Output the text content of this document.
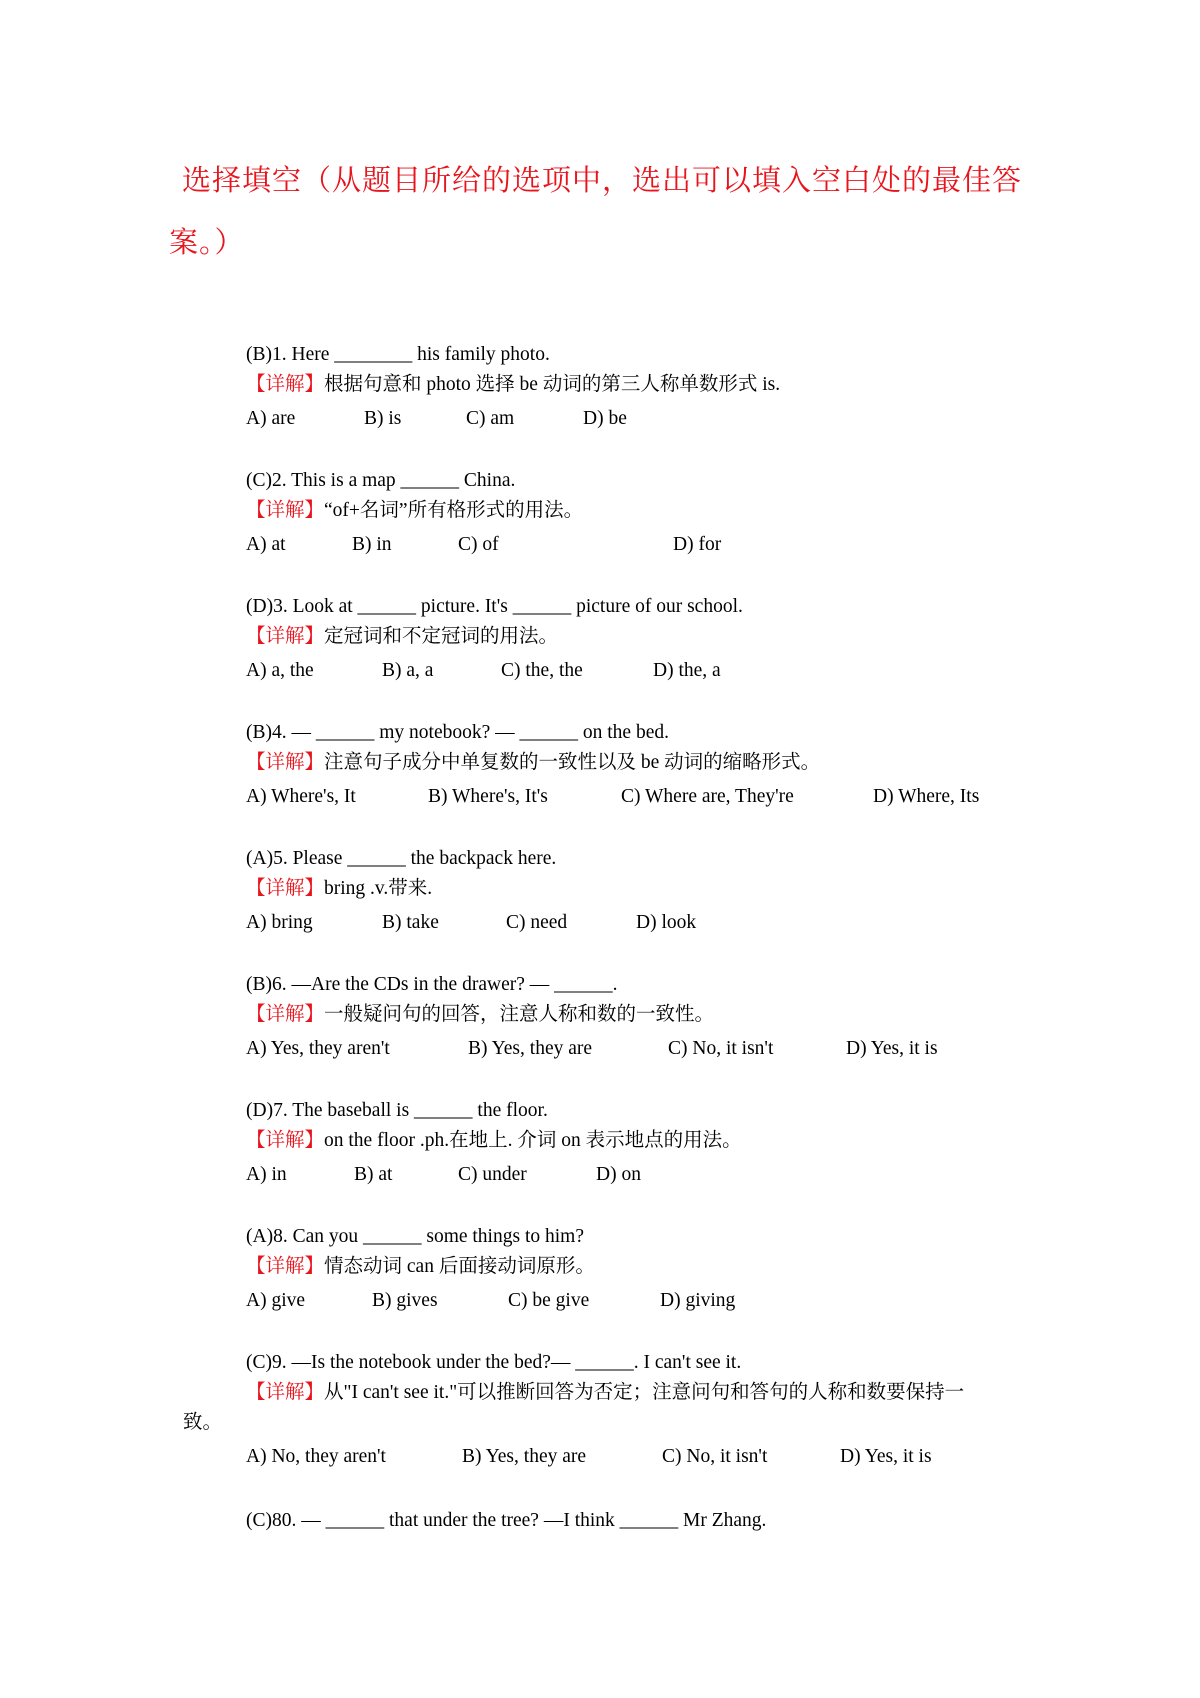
选择填空（从题目所给的选项中，选出可以填入空白处的最佳答
案。）
(B)1. Here ________ his family photo.
【详解】根据句意和 photo 选择 be 动词的第三人称单数形式 is.
A) are	B) is	C) am	D) be
(C)2. This is a map ______ China.
【详解】“of+名词”所有格形式的用法。
A) at	B) in	C) of	D) for
(D)3. Look at ______ picture. It's ______ picture of our school.
【详解】定冠词和不定冠词的用法。
A) a, the	B) a, a	C) the, the	D) the, a
(B)4. — ______ my notebook? — ______ on the bed.
【详解】注意句子成分中单复数的一致性以及 be 动词的缩略形式。
A) Where's, It	B) Where's, It's	C) Where are, They're	D) Where, Its
(A)5. Please ______ the backpack here.
【详解】bring .v.带来.
A) bring	B) take	C) need	D) look
(B)6. —Are the CDs in the drawer? — ______.
【详解】一般疑问句的回答，注意人称和数的一致性。
A) Yes, they aren't	B) Yes, they are	C) No, it isn't	D) Yes, it is
(D)7. The baseball is ______ the floor.
【详解】on the floor .ph.在地上. 介词 on 表示地点的用法。
A) in	B) at	C) under	D) on
(A)8. Can you ______ some things to him?
【详解】情态动词 can 后面接动词原形。
A) give	B) gives	C) be give	D) giving
(C)9. —Is the notebook under the bed?— ______. I can't see it.
【详解】从"I can't see it."可以推断回答为否定；注意问句和答句的人称和数要保持一
致。
A) No, they aren't	B) Yes, they are	C) No, it isn't	D) Yes, it is
(C)80. — ______ that under the tree? —I think ______ Mr Zhang.
